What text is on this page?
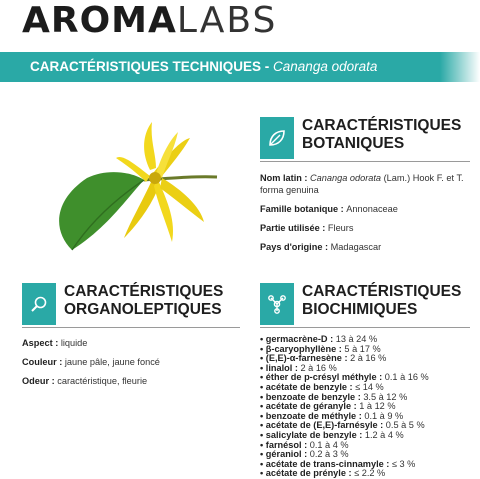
AROMALABS
CARACTÉRISTIQUES TECHNIQUES - Cananga odorata
CARACTÉRISTIQUES
BOTANIQUES
Nom latin : Cananga odorata (Lam.) Hook F. et T. forma genuina
Famille botanique : Annonaceae
Partie utilisée : Fleurs
Pays d'origine : Madagascar
CARACTÉRISTIQUES
ORGANOLEPTIQUES
Aspect : liquide
Couleur : jaune pâle, jaune foncé
Odeur : caractéristique, fleurie
CARACTÉRISTIQUES
BIOCHIMIQUES
• germacrène-D : 13 à 24 %
• β-caryophyllène : 5 à 17 %
• (E,E)-α-farnesène : 2 à 16 %
• linalol : 2 à 16 %
• éther de p-crésyl méthyle : 0.1 à 16 %
• acétate de benzyle : ≤ 14 %
• benzoate de benzyle : 3.5 à 12 %
• acétate de géranyle : 1 à 12 %
• benzoate de méthyle : 0.1 à 9 %
• acétate de (E,E)-farnésyle : 0.5 à 5 %
• salicylate de benzyle : 1.2 à 4 %
• farnésol : 0.1 à 4 %
• géraniol : 0.2 à 3 %
• acétate de trans-cinnamyle : ≤ 3 %
• acétate de prényle : ≤ 2.2 %
